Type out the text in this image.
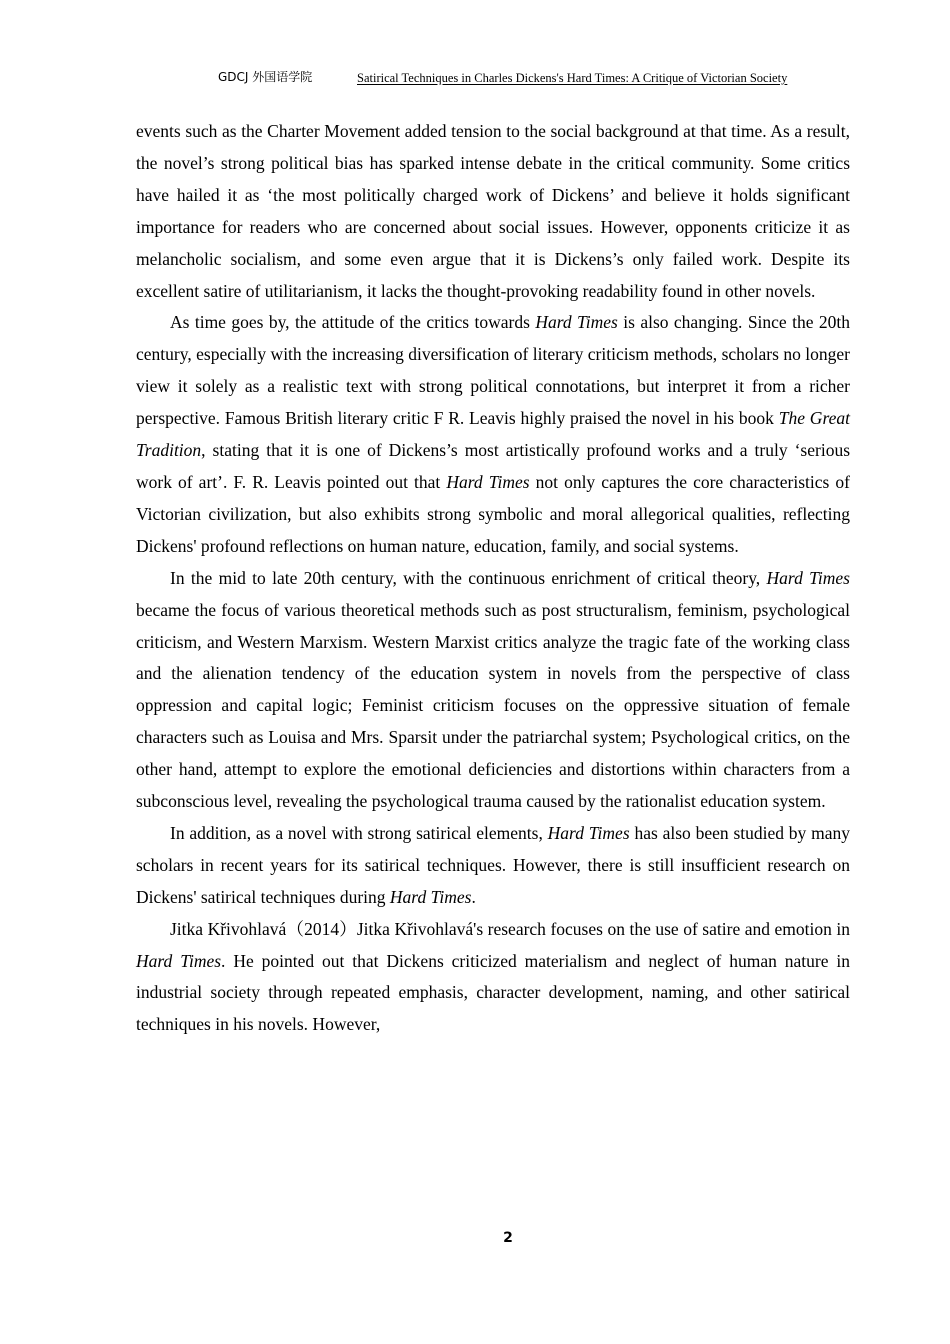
GDCJ 外国语学院	Satirical Techniques in Charles Dickens's Hard Times: A Critique of Victorian Society

events such as the Charter Movement added tension to the social background at that time. As a result, the novel’s strong political bias has sparked intense debate in the critical community. Some critics have hailed it as ‘the most politically charged work of Dickens’ and believe it holds significant importance for readers who are concerned about social issues. However, opponents criticize it as melancholic socialism, and some even argue that it is Dickens’s only failed work. Despite its excellent satire of utilitarianism, it lacks the thought-provoking readability found in other novels.

As time goes by, the attitude of the critics towards Hard Times is also changing. Since the 20th century, especially with the increasing diversification of literary criticism methods, scholars no longer view it solely as a realistic text with strong political connotations, but interpret it from a richer perspective. Famous British literary critic F R. Leavis highly praised the novel in his book The Great Tradition, stating that it is one of Dickens’s most artistically profound works and a truly ‘serious work of art’. F. R. Leavis pointed out that Hard Times not only captures the core characteristics of Victorian civilization, but also exhibits strong symbolic and moral allegorical qualities, reflecting Dickens' profound reflections on human nature, education, family, and social systems.

In the mid to late 20th century, with the continuous enrichment of critical theory, Hard Times became the focus of various theoretical methods such as post structuralism, feminism, psychological criticism, and Western Marxism. Western Marxist critics analyze the tragic fate of the working class and the alienation tendency of the education system in novels from the perspective of class oppression and capital logic; Feminist criticism focuses on the oppressive situation of female characters such as Louisa and Mrs. Sparsit under the patriarchal system; Psychological critics, on the other hand, attempt to explore the emotional deficiencies and distortions within characters from a subconscious level, revealing the psychological trauma caused by the rationalist education system.

In addition, as a novel with strong satirical elements, Hard Times has also been studied by many scholars in recent years for its satirical techniques. However, there is still insufficient research on Dickens' satirical techniques during Hard Times.

Jitka Křivohlavá（2014）Jitka Křivohlavá's research focuses on the use of satire and emotion in Hard Times. He pointed out that Dickens criticized materialism and neglect of human nature in industrial society through repeated emphasis, character development, naming, and other satirical techniques in his novels. However,

2
